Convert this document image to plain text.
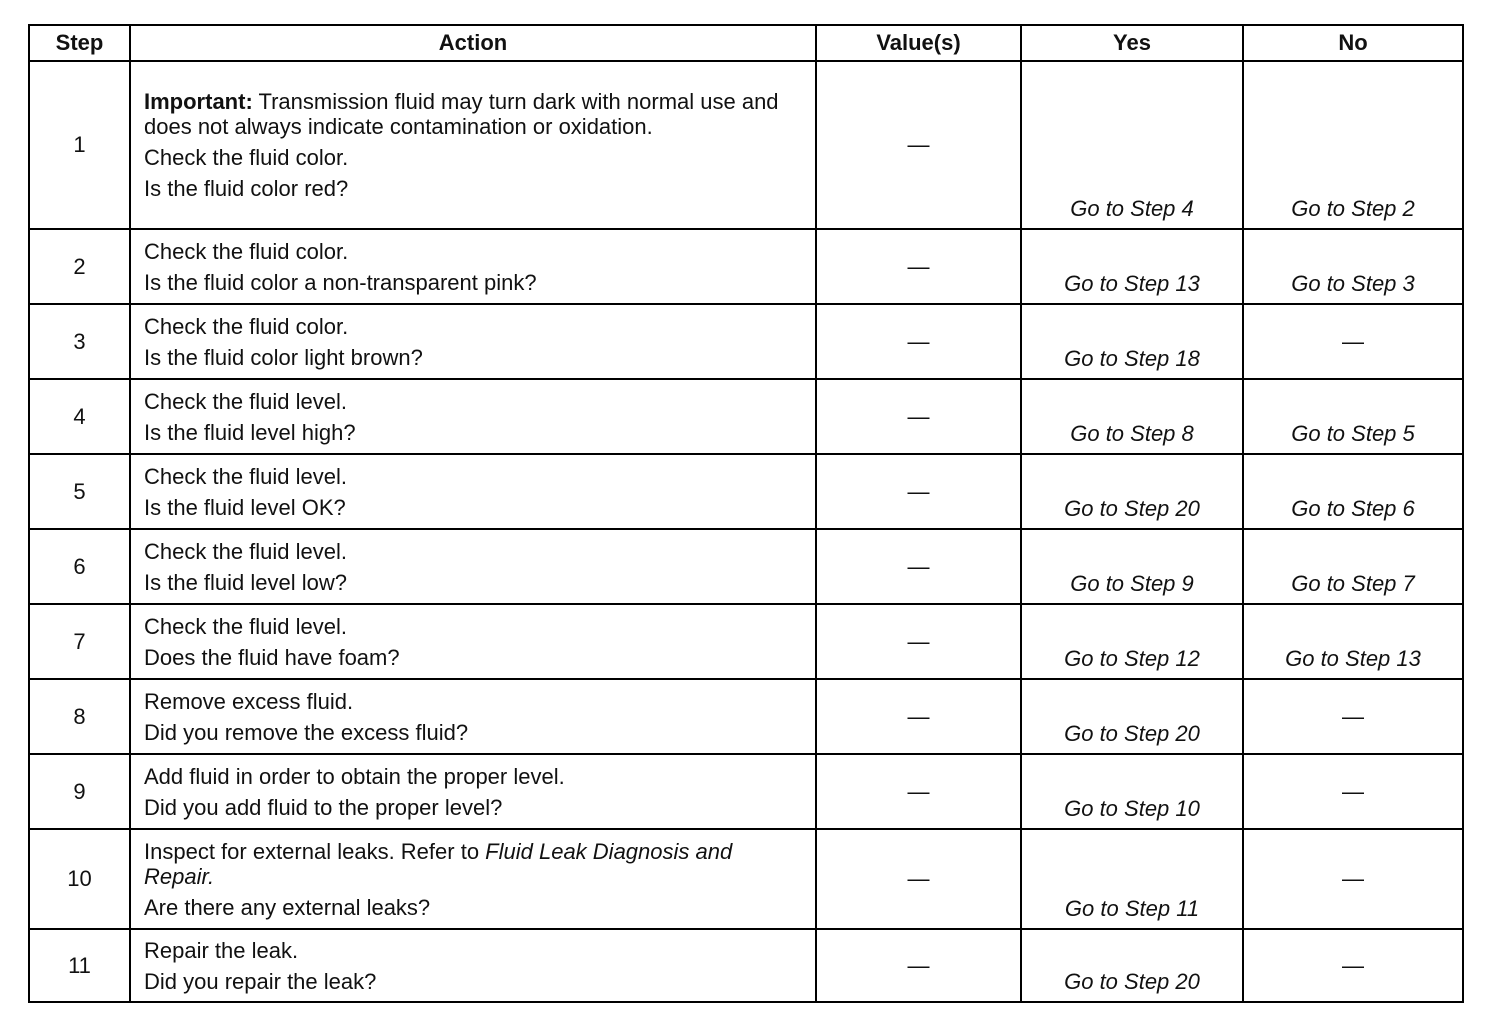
Step	Action	Value(s)	Yes	No
1	Important: Transmission fluid may turn dark with normal use and does not always indicate contamination or oxidation.
Check the fluid color.
Is the fluid color red?	—	Go to Step 4	Go to Step 2
2	Check the fluid color.
Is the fluid color a non-transparent pink?	—	Go to Step 13	Go to Step 3
3	Check the fluid color.
Is the fluid color light brown?	—	Go to Step 18	—
4	Check the fluid level.
Is the fluid level high?	—	Go to Step 8	Go to Step 5
5	Check the fluid level.
Is the fluid level OK?	—	Go to Step 20	Go to Step 6
6	Check the fluid level.
Is the fluid level low?	—	Go to Step 9	Go to Step 7
7	Check the fluid level.
Does the fluid have foam?	—	Go to Step 12	Go to Step 13
8	Remove excess fluid.
Did you remove the excess fluid?	—	Go to Step 20	—
9	Add fluid in order to obtain the proper level.
Did you add fluid to the proper level?	—	Go to Step 10	—
10	Inspect for external leaks. Refer to Fluid Leak Diagnosis and Repair.
Are there any external leaks?	—	Go to Step 11	—
11	Repair the leak.
Did you repair the leak?	—	Go to Step 20	—
